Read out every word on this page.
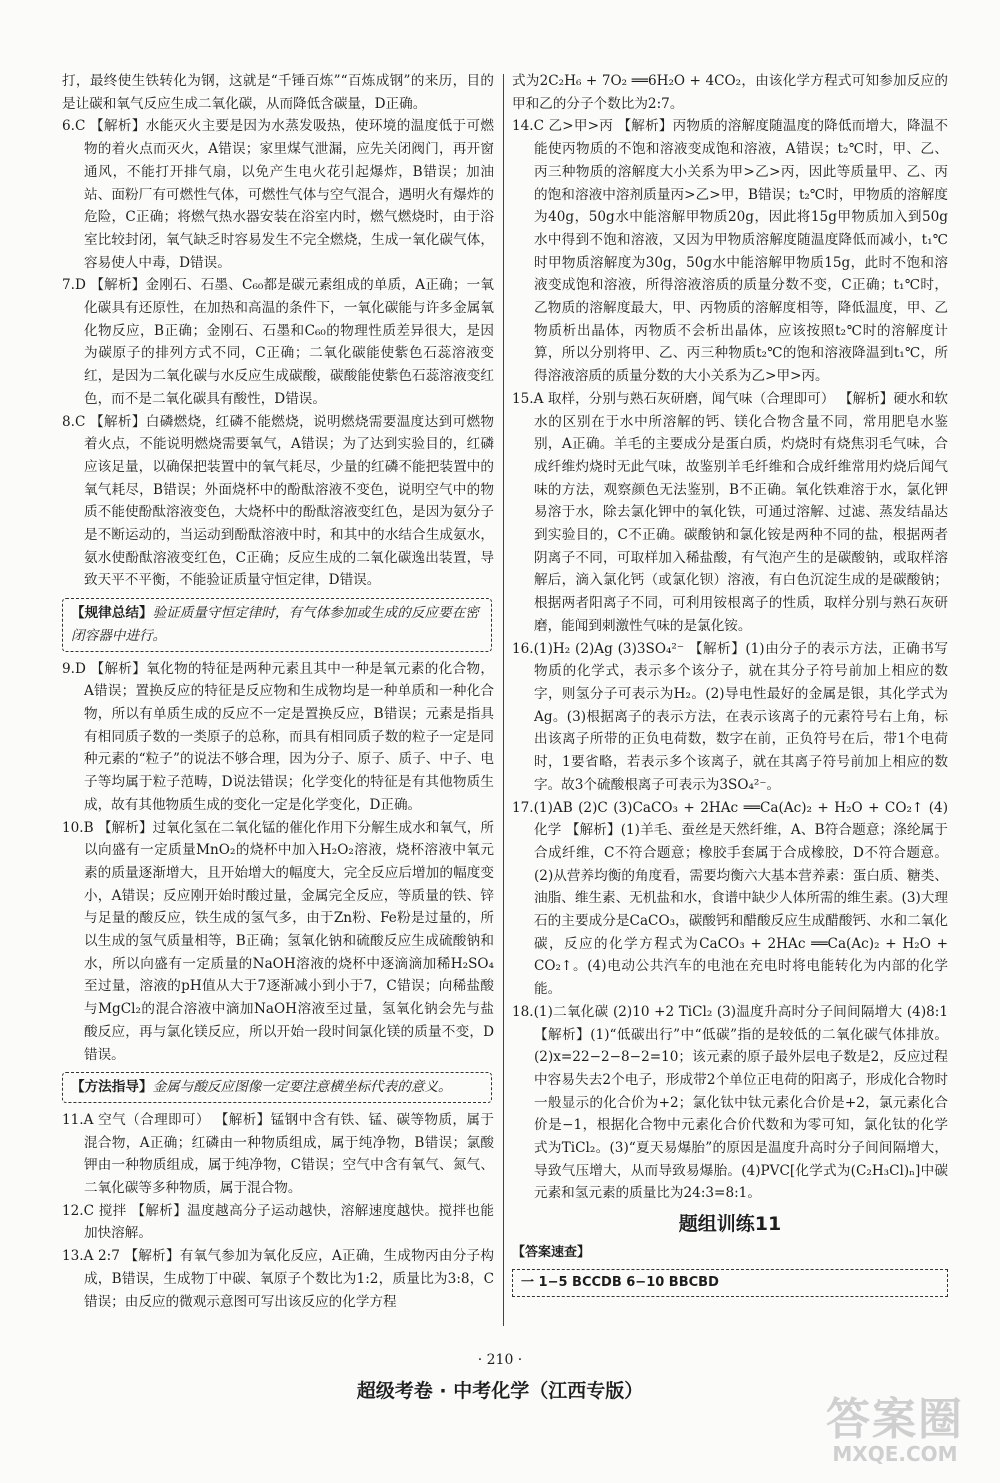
打，最终使生铁转化为钢，这就是“千锤百炼”“百炼成钢”的来历，目的是让碳和氧气反应生成二氧化碳，从而降低含碳量，D正确。

6.C 【解析】水能灭火主要是因为水蒸发吸热，使环境的温度低于可燃物的着火点而灭火，A错误；家里煤气泄漏，应先关闭阀门，再开窗通风，不能打开排气扇，以免产生电火花引起爆炸，B错误；加油站、面粉厂有可燃性气体，可燃性气体与空气混合，遇明火有爆炸的危险，C正确；将燃气热水器安装在浴室内时，燃气燃烧时，由于浴室比较封闭，氧气缺乏时容易发生不完全燃烧，生成一氧化碳气体，容易使人中毒，D错误。

7.D 【解析】金刚石、石墨、C₆₀都是碳元素组成的单质，A正确；一氧化碳具有还原性，在加热和高温的条件下，一氧化碳能与许多金属氧化物反应，B正确；金刚石、石墨和C₆₀的物理性质差异很大，是因为碳原子的排列方式不同，C正确；二氧化碳能使紫色石蕊溶液变红，是因为二氧化碳与水反应生成碳酸，碳酸能使紫色石蕊溶液变红色，而不是二氧化碳具有酸性，D错误。

8.C 【解析】白磷燃烧，红磷不能燃烧，说明燃烧需要温度达到可燃物着火点，不能说明燃烧需要氧气，A错误；为了达到实验目的，红磷应该足量，以确保把装置中的氧气耗尽，少量的红磷不能把装置中的氧气耗尽，B错误；外面烧杯中的酚酞溶液不变色，说明空气中的物质不能使酚酞溶液变色，大烧杯中的酚酞溶液变红色，是因为氨分子是不断运动的，当运动到酚酞溶液中时，和其中的水结合生成氨水，氨水使酚酞溶液变红色，C正确；反应生成的二氧化碳逸出装置，导致天平不平衡，不能验证质量守恒定律，D错误。

【规律总结】验证质量守恒定律时，有气体参加或生成的反应要在密闭容器中进行。

9.D 【解析】氧化物的特征是两种元素且其中一种是氧元素的化合物，A错误；置换反应的特征是反应物和生成物均是一种单质和一种化合物，所以有单质生成的反应不一定是置换反应，B错误；元素是指具有相同质子数的一类原子的总称，而具有相同质子数的粒子一定是同种元素的“粒子”的说法不够合理，因为分子、原子、质子、中子、电子等均属于粒子范畴，D说法错误；化学变化的特征是有其他物质生成，故有其他物质生成的变化一定是化学变化，D正确。

10.B 【解析】过氧化氢在二氧化锰的催化作用下分解生成水和氧气，所以向盛有一定质量MnO₂的烧杯中加入H₂O₂溶液，烧杯溶液中氧元素的质量逐渐增大，且开始增大的幅度大，完全反应后增加的幅度变小，A错误；反应刚开始时酸过量，金属完全反应，等质量的铁、锌与足量的酸反应，铁生成的氢气多，由于Zn粉、Fe粉是过量的，所以生成的氢气质量相等，B正确；氢氧化钠和硫酸反应生成硫酸钠和水，所以向盛有一定质量的NaOH溶液的烧杯中逐滴滴加稀H₂SO₄至过量，溶液的pH值从大于7逐渐减小到小于7，C错误；向稀盐酸与MgCl₂的混合溶液中滴加NaOH溶液至过量，氢氧化钠会先与盐酸反应，再与氯化镁反应，所以开始一段时间氯化镁的质量不变，D错误。

【方法指导】金属与酸反应图像一定要注意横坐标代表的意义。

11.A 空气（合理即可） 【解析】锰钢中含有铁、锰、碳等物质，属于混合物，A正确；红磷由一种物质组成，属于纯净物，B错误；氯酸钾由一种物质组成，属于纯净物，C错误；空气中含有氧气、氮气、二氧化碳等多种物质，属于混合物。

12.C 搅拌 【解析】温度越高分子运动越快，溶解速度越快。搅拌也能加快溶解。

13.A 2:7 【解析】有氧气参加为氧化反应，A正确，生成物丙由分子构成，B错误，生成物丁中碳、氧原子个数比为1:2，质量比为3:8，C错误；由反应的微观示意图可写出该反应的化学方程

式为2C₂H₆ + 7O₂ ══6H₂O + 4CO₂，由该化学方程式可知参加反应的甲和乙的分子个数比为2:7。

14.C 乙>甲>丙 【解析】丙物质的溶解度随温度的降低而增大，降温不能使丙物质的不饱和溶液变成饱和溶液，A错误；t₂℃时，甲、乙、丙三种物质的溶解度大小关系为甲>乙>丙，因此等质量甲、乙、丙的饱和溶液中溶剂质量丙>乙>甲，B错误；t₂℃时，甲物质的溶解度为40g，50g水中能溶解甲物质20g，因此将15g甲物质加入到50g水中得到不饱和溶液，又因为甲物质溶解度随温度降低而减小，t₁℃时甲物质溶解度为30g，50g水中能溶解甲物质15g，此时不饱和溶液变成饱和溶液，所得溶液溶质的质量分数不变，C正确；t₁℃时，乙物质的溶解度最大，甲、丙物质的溶解度相等，降低温度，甲、乙物质析出晶体，丙物质不会析出晶体，应该按照t₂℃时的溶解度计算，所以分别将甲、乙、丙三种物质t₂℃的饱和溶液降温到t₁℃，所得溶液溶质的质量分数的大小关系为乙>甲>丙。

15.A 取样，分别与熟石灰研磨，闻气味（合理即可） 【解析】硬水和软水的区别在于水中所溶解的钙、镁化合物含量不同，常用肥皂水鉴别，A正确。羊毛的主要成分是蛋白质，灼烧时有烧焦羽毛气味，合成纤维灼烧时无此气味，故鉴别羊毛纤维和合成纤维常用灼烧后闻气味的方法，观察颜色无法鉴别，B不正确。氧化铁难溶于水，氯化钾易溶于水，除去氯化钾中的氧化铁，可通过溶解、过滤、蒸发结晶达到实验目的，C不正确。碳酸钠和氯化铵是两种不同的盐，根据两者阴离子不同，可取样加入稀盐酸，有气泡产生的是碳酸钠，或取样溶解后，滴入氯化钙（或氯化钡）溶液，有白色沉淀生成的是碳酸钠；根据两者阳离子不同，可利用铵根离子的性质，取样分别与熟石灰研磨，能闻到刺激性气味的是氯化铵。

16.(1)H₂ (2)Ag (3)3SO₄²⁻ 【解析】(1)由分子的表示方法，正确书写物质的化学式，表示多个该分子，就在其分子符号前加上相应的数字，则氢分子可表示为H₂。(2)导电性最好的金属是银，其化学式为Ag。(3)根据离子的表示方法，在表示该离子的元素符号右上角，标出该离子所带的正负电荷数，数字在前，正负符号在后，带1个电荷时，1要省略，若表示多个该离子，就在其离子符号前加上相应的数字。故3个硫酸根离子可表示为3SO₄²⁻。

17.(1)AB (2)C (3)CaCO₃ + 2HAc ══Ca(Ac)₂ + H₂O + CO₂↑ (4)化学 【解析】(1)羊毛、蚕丝是天然纤维，A、B符合题意；涤纶属于合成纤维，C不符合题意；橡胶手套属于合成橡胶，D不符合题意。(2)从营养均衡的角度看，需要均衡六大基本营养素：蛋白质、糖类、油脂、维生素、无机盐和水，食谱中缺少人体所需的维生素。(3)大理石的主要成分是CaCO₃，碳酸钙和醋酸反应生成醋酸钙、水和二氧化碳，反应的化学方程式为CaCO₃ + 2HAc ══Ca(Ac)₂ + H₂O + CO₂↑。(4)电动公共汽车的电池在充电时将电能转化为内部的化学能。

18.(1)二氧化碳 (2)10 +2 TiCl₂ (3)温度升高时分子间间隔增大 (4)8:1 【解析】(1)“低碳出行”中“低碳”指的是较低的二氧化碳气体排放。(2)x=22−2−8−2=10；该元素的原子最外层电子数是2，反应过程中容易失去2个电子，形成带2个单位正电荷的阳离子，形成化合物时一般显示的化合价为+2；氯化钛中钛元素化合价是+2，氯元素化合价是−1，根据化合物中元素化合价代数和为零可知，氯化钛的化学式为TiCl₂。(3)“夏天易爆胎”的原因是温度升高时分子间间隔增大，导致气压增大，从而导致易爆胎。(4)PVC[化学式为(C₂H₃Cl)ₙ]中碳元素和氢元素的质量比为24:3=8:1。

题组训练11
【答案速查】
一 1−5 BCCDB 6−10 BBCBD
· 210 ·
超级考卷 · 中考化学（江西专版）
答案圈
MXQE.COM
